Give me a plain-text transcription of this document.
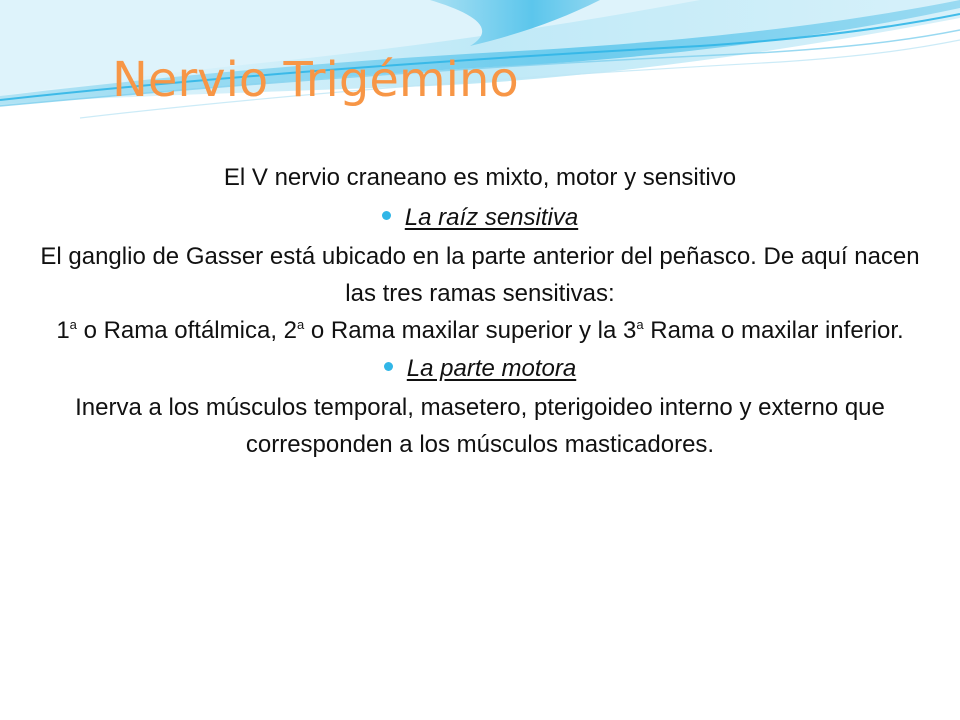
Nervio Trigémino

El V nervio craneano es mixto, motor y sensitivo

La raíz sensitiva

El ganglio de Gasser está ubicado en la parte anterior del peñasco. De aquí nacen las tres ramas sensitivas:

1$^a$ o Rama oftálmica, 2$^a$ o Rama maxilar superior y la 3$^a$ Rama o maxilar inferior.

La parte motora

Inerva a los músculos temporal, masetero, pterigoideo interno y externo que corresponden a los músculos masticadores.
